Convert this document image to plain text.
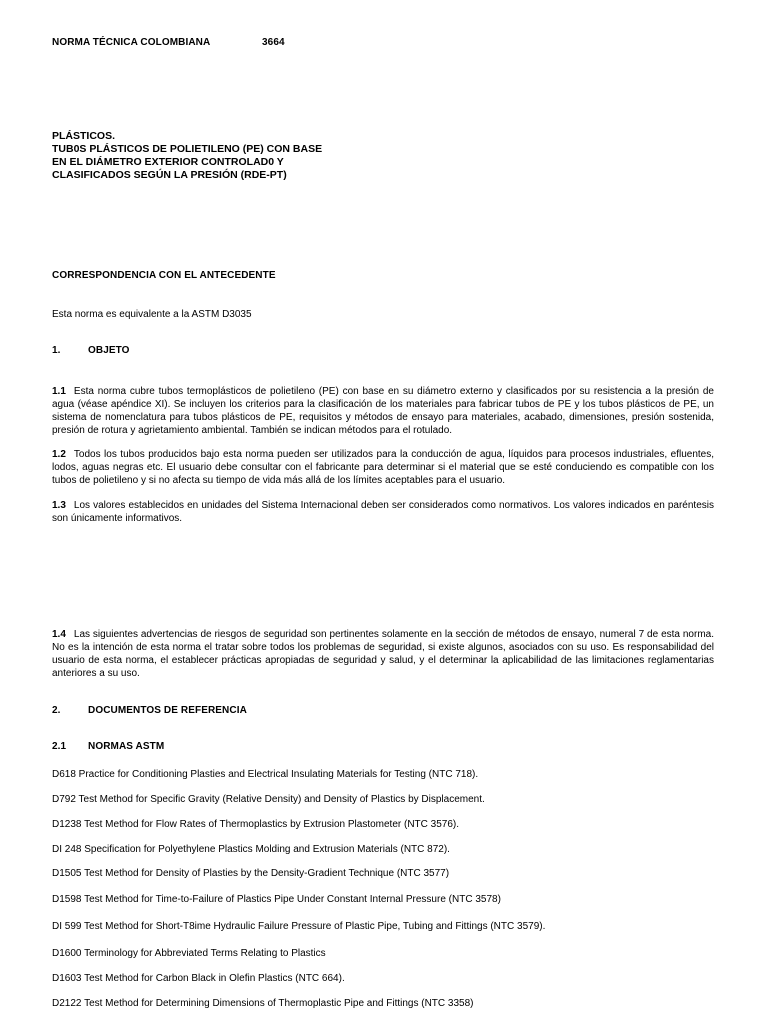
NORMA TÉCNICA COLOMBIANA	3664
PLÁSTICOS.
TUB0S PLÁSTICOS DE POLIETILENO (PE) CON BASE
EN EL DIÁMETRO EXTERIOR CONTROLAD0 Y
CLASIFICADOS SEGÚN LA PRESIÓN (RDE-PT)
CORRESPONDENCIA CON EL ANTECEDENTE
Esta norma es equivalente a la ASTM D3035
1.	OBJETO

1.1 Esta norma cubre tubos termoplásticos de polietileno (PE) con base en su diámetro externo y clasificados por su resistencia a la presión de agua (véase apéndice XI). Se incluyen los criterios para la clasificación de los materiales para fabricar tubos de PE y los tubos plásticos de PE, un sistema de nomenclatura para tubos plásticos de PE, requisitos y métodos de ensayo para materiales, acabado, dimensiones, presión sostenida, presión de rotura y agrietamiento ambiental. También se indican métodos para el rotulado.

1.2 Todos los tubos producidos bajo esta norma pueden ser utilizados para la conducción de agua, líquidos para procesos industriales, efluentes, lodos, aguas negras etc. El usuario debe consultar con el fabricante para determinar si el material que se esté conduciendo es compatible con los tubos de polietileno y si no afecta su tiempo de vida más allá de los límites aceptables para el usuario.

1.3 Los valores establecidos en unidades del Sistema Internacional deben ser considerados como normativos. Los valores indicados en paréntesis son únicamente informativos.

1.4 Las siguientes advertencias de riesgos de seguridad son pertinentes solamente en la sección de métodos de ensayo, numeral 7 de esta norma. No es la intención de esta norma el tratar sobre todos los problemas de seguridad, si existe algunos, asociados con su uso. Es responsabilidad del usuario de esta norma, el establecer prácticas apropiadas de seguridad y salud, y el determinar la aplicabilidad de las limitaciones reglamentarias anteriores a su uso.

2.	DOCUMENTOS DE REFERENCIA
2.1 NORMAS ASTM
D618 Practice for Conditioning Plasties and Electrical Insulating Materials for Testing (NTC 718).
D792 Test Method for Specific Gravity (Relative Density) and Density of Plastics by Displacement.
D1238 Test Method for Flow Rates of Thermoplastics by Extrusion Plastometer (NTC 3576).
DI 248 Specification for Polyethylene Plastics Molding and Extrusion Materials (NTC 872).
D1505 Test Method for Density of Plasties by the Density-Gradient Technique (NTC 3577)
D1598 Test Method for Time-to-Failure of Plastics Pipe Under Constant Internal Pressure (NTC 3578)
DI 599 Test Method for Short-T8ime Hydraulic Failure Pressure of Plastic Pipe, Tubing and Fittings (NTC 3579).
D1600 Terminology for Abbreviated Terms Relating to Plastics
D1603 Test Method for Carbon Black in Olefin Plastics (NTC 664).
D2122 Test Method for Determining Dimensions of Thermoplastic Pipe and Fittings (NTC 3358)
